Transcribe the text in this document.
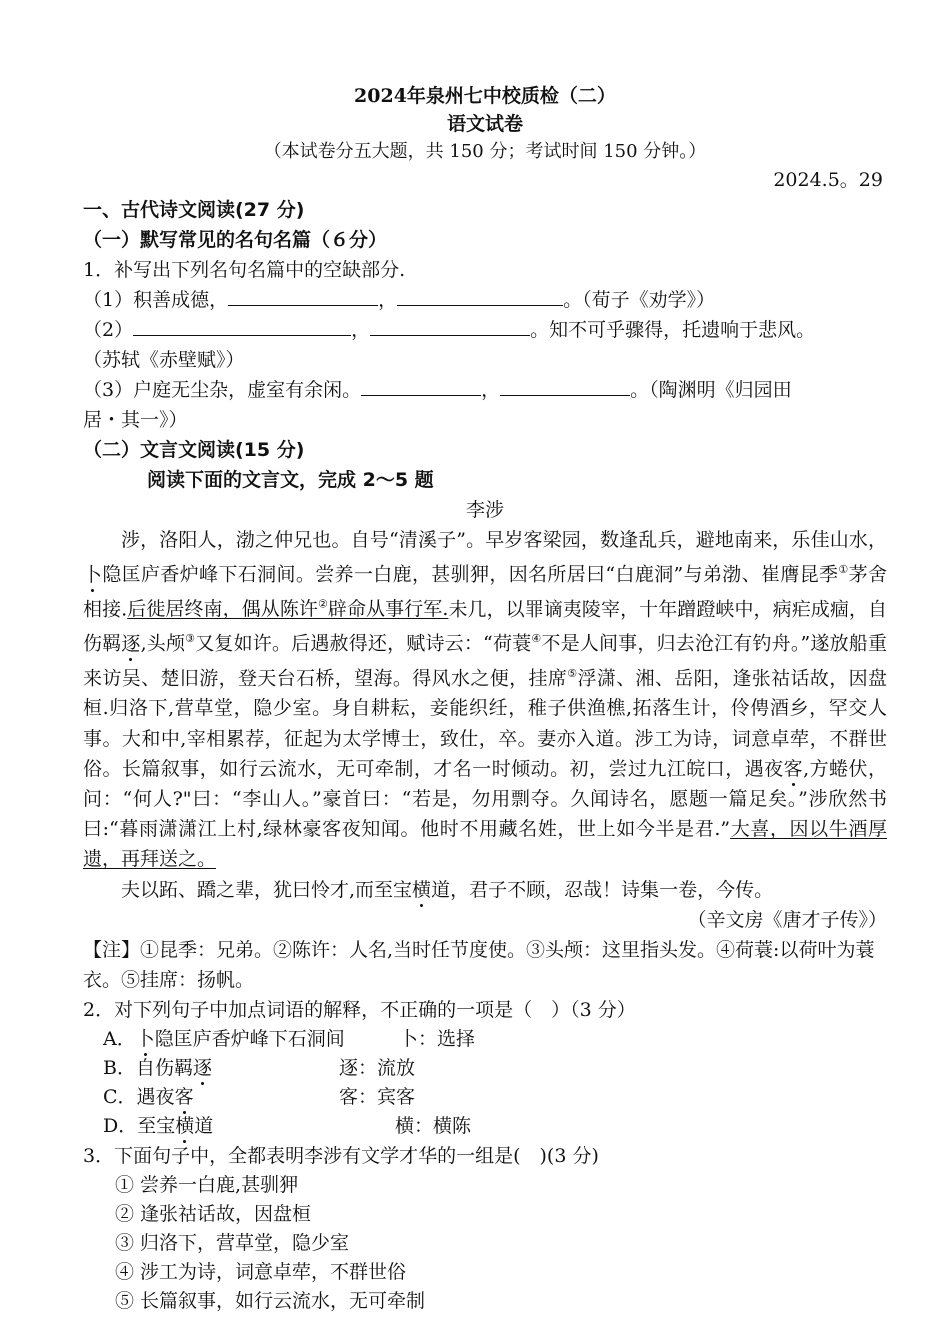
2024年泉州七中校质检（二）
语文试卷
（本试卷分五大题，共 150 分；考试时间 150 分钟。）
2024.5。29
一、古代诗文阅读(27 分)
（一）默写常见的名句名篇（６分）
1．补写出下列名句名篇中的空缺部分.
（1）积善成德，	，	。（荀子《劝学》）
（2）	，	。知不可乎骤得，托遗响于悲风。
（苏轼《赤壁赋》）
（3）户庭无尘杂，虚室有余闲。	，	。（陶渊明《归园田
居・其一》）
（二）文言文阅读(15 分)
阅读下面的文言文，完成 2～5 题
李涉
涉，洛阳人，渤之仲兄也。自号“清溪子”。早岁客梁园，数逢乱兵，避地南来，乐佳山水，卜隐匡庐香炉峰下石洞间。尝养一白鹿，甚驯狎，因名所居曰“白鹿洞”与弟渤、崔膺昆季①茅舍相接.后徙居终南，偶从陈许②辟命从事行军.未几，以罪谪夷陵宰，十年蹭蹬峡中，病疟成痼，自伤羁逐,头颅③又复如许。后遇赦得还，赋诗云：“荷蓑④不是人间事，归去沧江有钓舟。”遂放船重来访吴、楚旧游，登天台石桥，望海。得风水之便，挂席⑤浮潇、湘、岳阳，逢张祜话故，因盘桓.归洛下,营草堂，隐少室。身自耕耘，妾能织纴，稚子供渔樵,拓落生计，伶俜酒乡，罕交人事。大和中,宰相累荐，征起为太学博士，致仕，卒。妻亦入道。涉工为诗，词意卓荦，不群世俗。长篇叙事，如行云流水，无可牵制，才名一时倾动。初，尝过九江皖口，遇夜客,方蜷伏，问：“何人?"曰：“李山人。”豪首曰：“若是，勿用剽夺。久闻诗名，愿题一篇足矣。”涉欣然书曰:“暮雨潇潇江上村,绿林豪客夜知闻。他时不用藏名姓，世上如今半是君.”大喜，因以牛酒厚遗，再拜送之。
夫以跖、蹻之辈，犹曰怜才,而至宝横道，君子不顾，忍哉！诗集一卷，今传。
（辛文房《唐才子传》）
【注】①昆季：兄弟。②陈许：人名,当时任节度使。③头颅：这里指头发。④荷蓑:以荷叶为蓑衣。⑤挂席：扬帆。
2．对下列句子中加点词语的解释，不正确的一项是（　）（3 分）
A．卜隐匡庐香炉峰下石洞间	卜：选择
B．自伤羁逐	逐：流放
C．遇夜客	客：宾客
D．至宝横道	横：横陈
3．下面句子中，全都表明李涉有文学才华的一组是(　)(3 分)
① 尝养一白鹿,甚驯狎
② 逢张祜话故，因盘桓
③ 归洛下，营草堂，隐少室
④ 涉工为诗，词意卓荦，不群世俗
⑤ 长篇叙事，如行云流水，无可牵制
